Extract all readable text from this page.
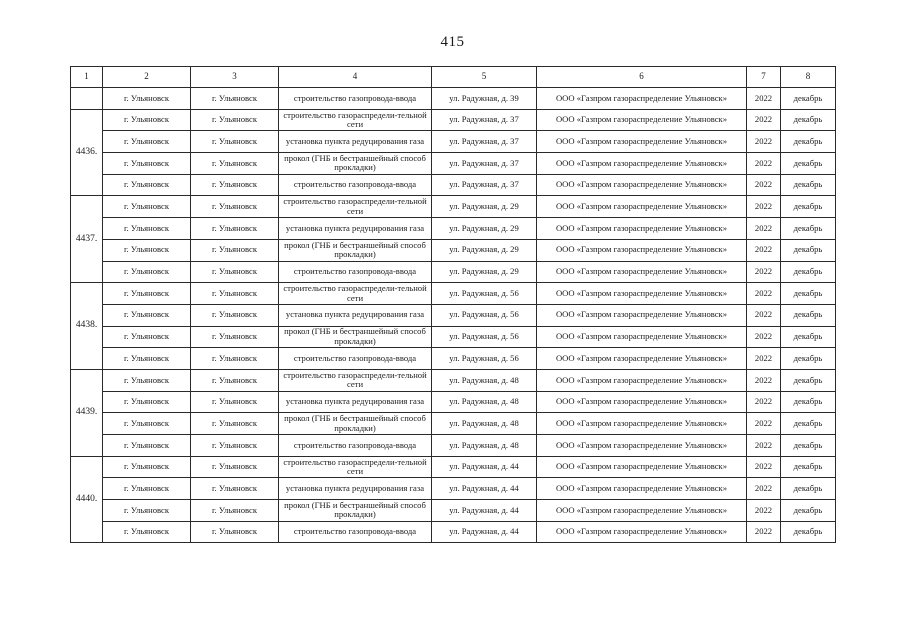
415
1	2	3	4	5	6	7	8
	г. Ульяновск	г. Ульяновск	строительство газопровода-ввода	ул. Радужная, д. 39	ООО «Газпром газораспределение Ульяновск»	2022	декабрь
4436.	г. Ульяновск	г. Ульяновск	строительство газораспредели-тельной сети	ул. Радужная, д. 37	ООО «Газпром газораспределение Ульяновск»	2022	декабрь
	г. Ульяновск	г. Ульяновск	установка пункта редуцирования газа	ул. Радужная, д. 37	ООО «Газпром газораспределение Ульяновск»	2022	декабрь
	г. Ульяновск	г. Ульяновск	прокол (ГНБ и бестраншейный способ прокладки)	ул. Радужная, д. 37	ООО «Газпром газораспределение Ульяновск»	2022	декабрь
	г. Ульяновск	г. Ульяновск	строительство газопровода-ввода	ул. Радужная, д. 37	ООО «Газпром газораспределение Ульяновск»	2022	декабрь
4437.	г. Ульяновск	г. Ульяновск	строительство газораспредели-тельной сети	ул. Радужная, д. 29	ООО «Газпром газораспределение Ульяновск»	2022	декабрь
	г. Ульяновск	г. Ульяновск	установка пункта редуцирования газа	ул. Радужная, д. 29	ООО «Газпром газораспределение Ульяновск»	2022	декабрь
	г. Ульяновск	г. Ульяновск	прокол (ГНБ и бестраншейный способ прокладки)	ул. Радужная, д. 29	ООО «Газпром газораспределение Ульяновск»	2022	декабрь
	г. Ульяновск	г. Ульяновск	строительство газопровода-ввода	ул. Радужная, д. 29	ООО «Газпром газораспределение Ульяновск»	2022	декабрь
4438.	г. Ульяновск	г. Ульяновск	строительство газораспредели-тельной сети	ул. Радужная, д. 56	ООО «Газпром газораспределение Ульяновск»	2022	декабрь
	г. Ульяновск	г. Ульяновск	установка пункта редуцирования газа	ул. Радужная, д. 56	ООО «Газпром газораспределение Ульяновск»	2022	декабрь
	г. Ульяновск	г. Ульяновск	прокол (ГНБ и бестраншейный способ прокладки)	ул. Радужная, д. 56	ООО «Газпром газораспределение Ульяновск»	2022	декабрь
	г. Ульяновск	г. Ульяновск	строительство газопровода-ввода	ул. Радужная, д. 56	ООО «Газпром газораспределение Ульяновск»	2022	декабрь
4439.	г. Ульяновск	г. Ульяновск	строительство газораспредели-тельной сети	ул. Радужная, д. 48	ООО «Газпром газораспределение Ульяновск»	2022	декабрь
	г. Ульяновск	г. Ульяновск	установка пункта редуцирования газа	ул. Радужная, д. 48	ООО «Газпром газораспределение Ульяновск»	2022	декабрь
	г. Ульяновск	г. Ульяновск	прокол (ГНБ и бестраншейный способ прокладки)	ул. Радужная, д. 48	ООО «Газпром газораспределение Ульяновск»	2022	декабрь
	г. Ульяновск	г. Ульяновск	строительство газопровода-ввода	ул. Радужная, д. 48	ООО «Газпром газораспределение Ульяновск»	2022	декабрь
4440.	г. Ульяновск	г. Ульяновск	строительство газораспредели-тельной сети	ул. Радужная, д. 44	ООО «Газпром газораспределение Ульяновск»	2022	декабрь
	г. Ульяновск	г. Ульяновск	установка пункта редуцирования газа	ул. Радужная, д. 44	ООО «Газпром газораспределение Ульяновск»	2022	декабрь
	г. Ульяновск	г. Ульяновск	прокол (ГНБ и бестраншейный способ прокладки)	ул. Радужная, д. 44	ООО «Газпром газораспределение Ульяновск»	2022	декабрь
	г. Ульяновск	г. Ульяновск	строительство газопровода-ввода	ул. Радужная, д. 44	ООО «Газпром газораспределение Ульяновск»	2022	декабрь
